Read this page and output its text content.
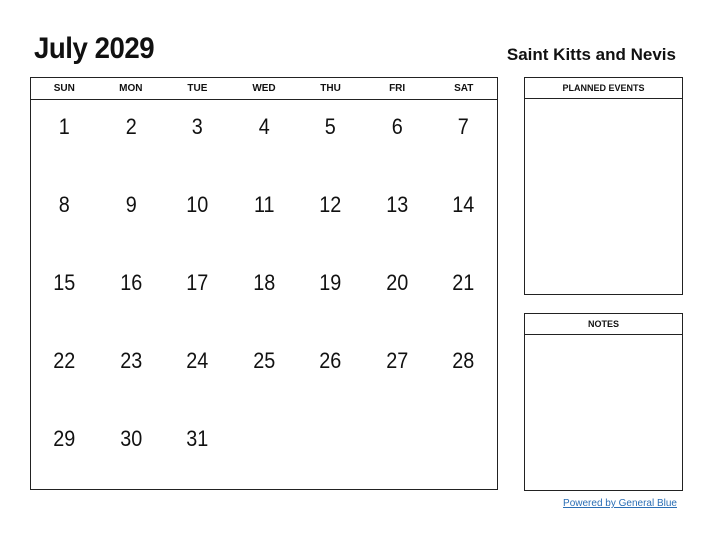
July 2029	Saint Kitts and Nevis
SUN	MON	TUE	WED	THU	FRI	SAT
1	2	3	4	5	6	7
8	9	10	11	12	13	14
15	16	17	18	19	20	21
22	23	24	25	26	27	28
29	30	31
PLANNED EVENTS
NOTES
Powered by General Blue
